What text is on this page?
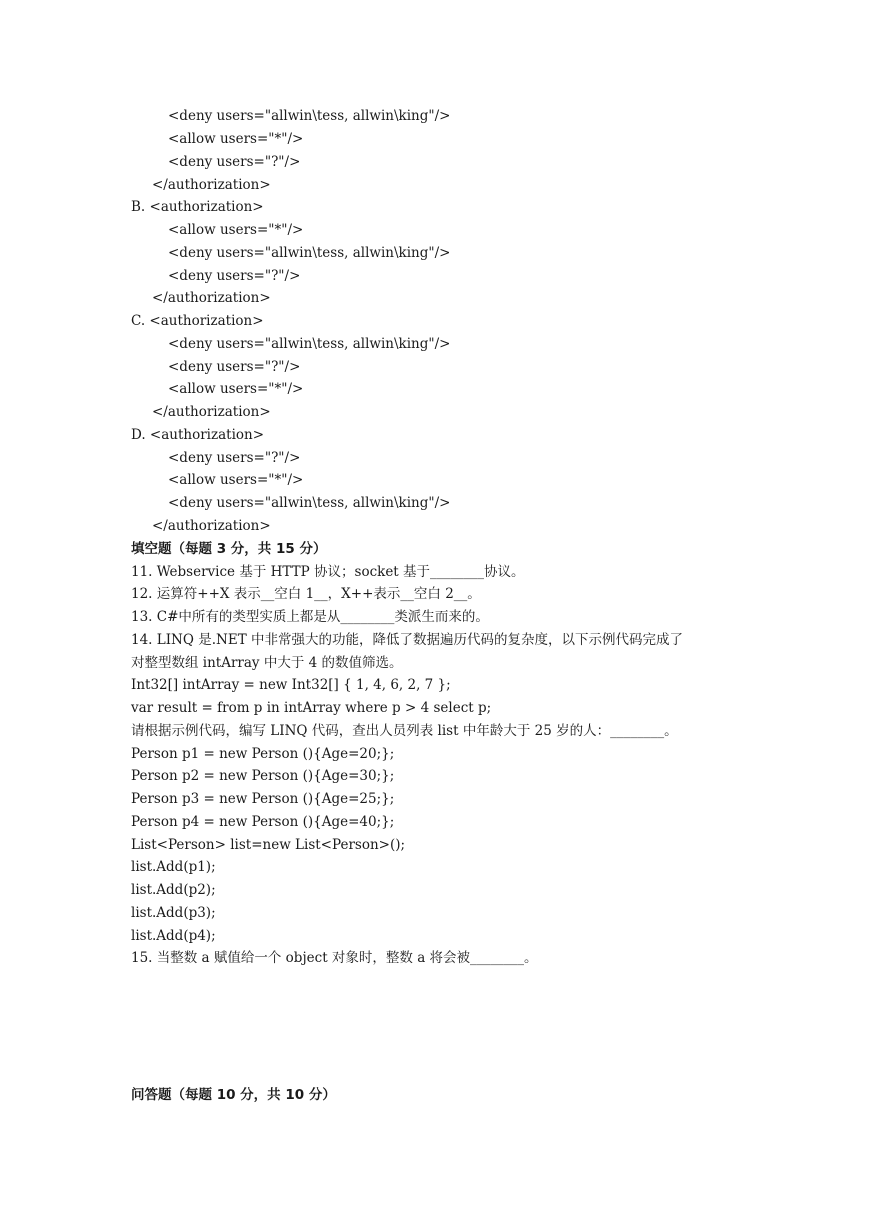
<deny users="allwin\tess, allwin\king"/>
<allow users="*"/>
<deny users="?"/>
</authorization>
B. <authorization>
<allow users="*"/>
<deny users="allwin\tess, allwin\king"/>
<deny users="?"/>
</authorization>
C. <authorization>
<deny users="allwin\tess, allwin\king"/>
<deny users="?"/>
<allow users="*"/>
</authorization>
D. <authorization>
<deny users="?"/>
<allow users="*"/>
<deny users="allwin\tess, allwin\king"/>
</authorization>
填空题（每题 3 分，共 15 分）
11. Webservice 基于 HTTP 协议；socket 基于________协议。
12. 运算符++X 表示__空白 1__，X++表示__空白 2__。
13. C#中所有的类型实质上都是从________类派生而来的。
14. LINQ 是.NET 中非常强大的功能，降低了数据遍历代码的复杂度，以下示例代码完成了
对整型数组 intArray 中大于 4 的数值筛选。
Int32[] intArray = new Int32[] { 1, 4, 6, 2, 7 };
var result = from p in intArray where p > 4 select p;
请根据示例代码，编写 LINQ 代码，查出人员列表 list 中年龄大于 25 岁的人：________。
Person p1 = new Person (){Age=20;};
Person p2 = new Person (){Age=30;};
Person p3 = new Person (){Age=25;};
Person p4 = new Person (){Age=40;};
List<Person> list=new List<Person>();
list.Add(p1);
list.Add(p2);
list.Add(p3);
list.Add(p4);
15. 当整数 a 赋值给一个 object 对象时，整数 a 将会被________。
问答题（每题 10 分，共 10 分）
